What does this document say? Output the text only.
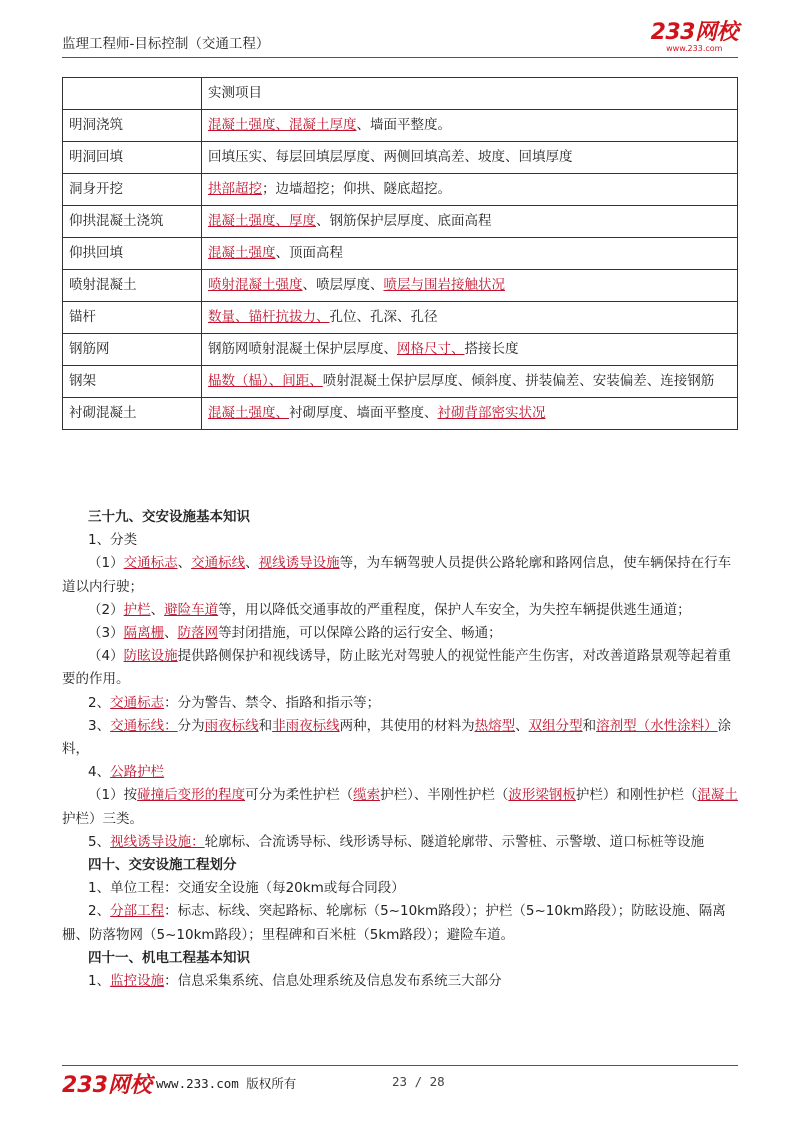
监理工程师-目标控制（交通工程）	233网校
www.233.com
	实测项目
明洞浇筑	混凝土强度、混凝土厚度、墙面平整度。
明洞回填	回填压实、每层回填层厚度、两侧回填高差、坡度、回填厚度
洞身开挖	拱部超挖；边墙超挖；仰拱、隧底超挖。
仰拱混凝土浇筑	混凝土强度、厚度、钢筋保护层厚度、底面高程
仰拱回填	混凝土强度、顶面高程
喷射混凝土	喷射混凝土强度、喷层厚度、喷层与围岩接触状况
锚杆	数量、锚杆抗拔力、孔位、孔深、孔径
钢筋网	钢筋网喷射混凝土保护层厚度、网格尺寸、搭接长度
钢架	榀数（榀）、间距、喷射混凝土保护层厚度、倾斜度、拼装偏差、安装偏差、连接钢筋
衬砌混凝土	混凝土强度、衬砌厚度、墙面平整度、衬砌背部密实状况

三十九、交安设施基本知识

1、分类

（1）交通标志、交通标线、视线诱导设施等，为车辆驾驶人员提供公路轮廓和路网信息，使车辆保持在行车道以内行驶；

（2）护栏、避险车道等，用以降低交通事故的严重程度，保护人车安全，为失控车辆提供逃生通道；

（3）隔离栅、防落网等封闭措施，可以保障公路的运行安全、畅通；

（4）防眩设施提供路侧保护和视线诱导，防止眩光对驾驶人的视觉性能产生伤害，对改善道路景观等起着重要的作用。

2、交通标志：分为警告、禁令、指路和指示等；

3、交通标线：分为雨夜标线和非雨夜标线两种，其使用的材料为热熔型、双组分型和溶剂型（水性涂料）涂料，

4、公路护栏

（1）按碰撞后变形的程度可分为柔性护栏（缆索护栏）、半刚性护栏（波形梁钢板护栏）和刚性护栏（混凝土护栏）三类。

5、视线诱导设施：轮廓标、合流诱导标、线形诱导标、隧道轮廓带、示警桩、示警墩、道口标桩等设施

四十、交安设施工程划分

1、单位工程：交通安全设施（每20km或每合同段）

2、分部工程：标志、标线、突起路标、轮廓标（5~10km路段）；护栏（5~10km路段）；防眩设施、隔离栅、防落物网（5~10km路段）；里程碑和百米桩（5km路段）；避险车道。

四十一、机电工程基本知识

1、监控设施：信息采集系统、信息处理系统及信息发布系统三大部分

233网校 www.233.com 版权所有	23 / 28
